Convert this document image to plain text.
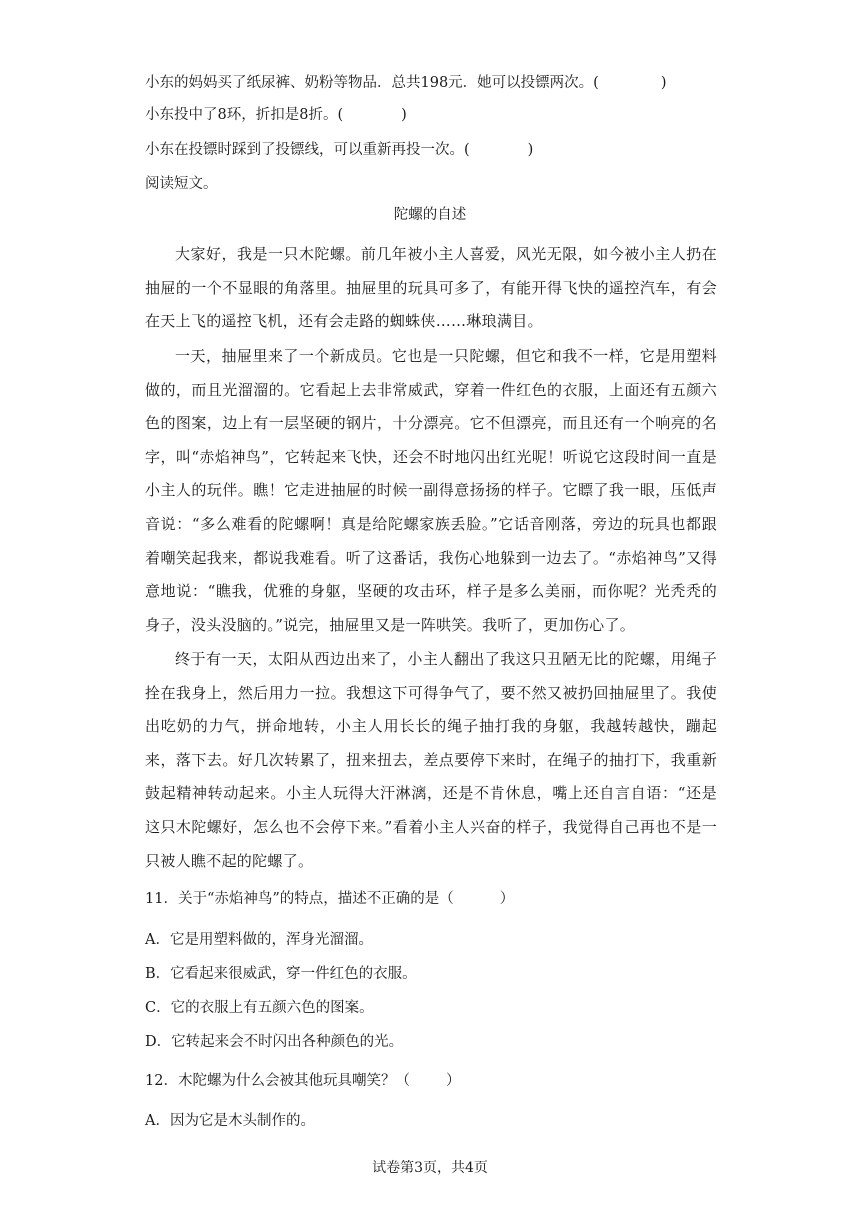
小东的妈妈买了纸尿裤、奶粉等物品．总共198元．她可以投镖两次。(	)
小东投中了8环，折扣是8折。(	)
小东在投镖时踩到了投镖线，可以重新再投一次。(	)
阅读短文。
陀螺的自述
大家好，我是一只木陀螺。前几年被小主人喜爱，风光无限，如今被小主人扔在抽屉的一个不显眼的角落里。抽屉里的玩具可多了，有能开得飞快的遥控汽车，有会在天上飞的遥控飞机，还有会走路的蜘蛛侠……琳琅满目。
一天，抽屉里来了一个新成员。它也是一只陀螺，但它和我不一样，它是用塑料做的，而且光溜溜的。它看起上去非常威武，穿着一件红色的衣服，上面还有五颜六色的图案，边上有一层坚硬的钢片，十分漂亮。它不但漂亮，而且还有一个响亮的名字，叫“赤焰神鸟”，它转起来飞快，还会不时地闪出红光呢！听说它这段时间一直是小主人的玩伴。瞧！它走进抽屉的时候一副得意扬扬的样子。它瞟了我一眼，压低声音说：“多么难看的陀螺啊！真是给陀螺家族丢脸。”它话音刚落，旁边的玩具也都跟着嘲笑起我来，都说我难看。听了这番话，我伤心地躲到一边去了。“赤焰神鸟”又得意地说：“瞧我，优雅的身躯，坚硬的攻击环，样子是多么美丽，而你呢？光秃秃的身子，没头没脑的。”说完，抽屉里又是一阵哄笑。我听了，更加伤心了。
终于有一天，太阳从西边出来了，小主人翻出了我这只丑陋无比的陀螺，用绳子拴在我身上，然后用力一拉。我想这下可得争气了，要不然又被扔回抽屉里了。我使出吃奶的力气，拼命地转，小主人用长长的绳子抽打我的身躯，我越转越快，蹦起来，落下去。好几次转累了，扭来扭去，差点要停下来时，在绳子的抽打下，我重新鼓起精神转动起来。小主人玩得大汗淋漓，还是不肯休息，嘴上还自言自语：“还是这只木陀螺好，怎么也不会停下来。”看着小主人兴奋的样子，我觉得自己再也不是一只被人瞧不起的陀螺了。
11．关于“赤焰神鸟”的特点，描述不正确的是（	）
A．它是用塑料做的，浑身光溜溜。
B．它看起来很威武，穿一件红色的衣服。
C．它的衣服上有五颜六色的图案。
D．它转起来会不时闪出各种颜色的光。
12．木陀螺为什么会被其他玩具嘲笑？（ ）
A．因为它是木头制作的。
试卷第3页，共4页
